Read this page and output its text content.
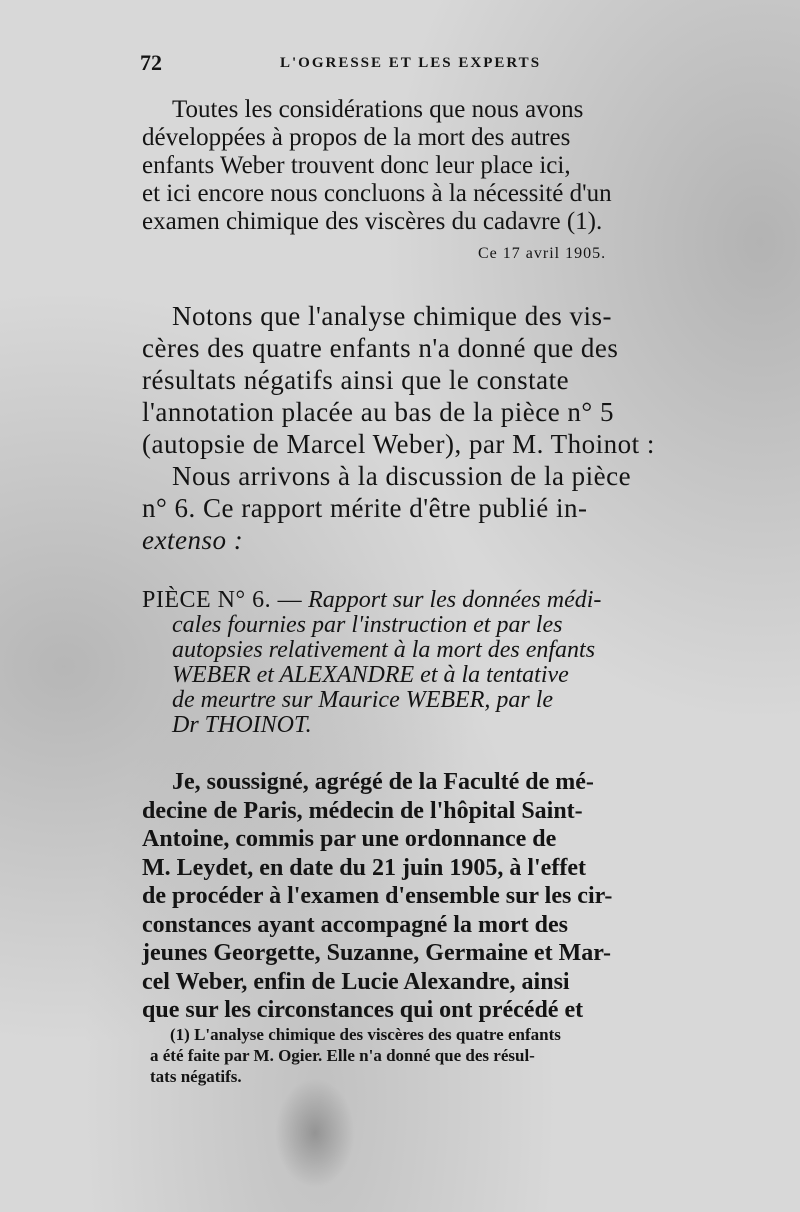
72	L'OGRESSE ET LES EXPERTS
Toutes les considérations que nous avons
développées à propos de la mort des autres
enfants Weber trouvent donc leur place ici,
et ici encore nous concluons à la nécessité d'un
examen chimique des viscères du cadavre (1).
Ce 17 avril 1905.
Notons que l'analyse chimique des vis-
cères des quatre enfants n'a donné que des
résultats négatifs ainsi que le constate
l'annotation placée au bas de la pièce n° 5
(autopsie de Marcel Weber), par M. Thoinot :
Nous arrivons à la discussion de la pièce
n° 6. Ce rapport mérite d'être publié in-
extenso :
PIÈCE N° 6. — Rapport sur les données médi-
cales fournies par l'instruction et par les
autopsies relativement à la mort des enfants
WEBER et ALEXANDRE et à la tentative
de meurtre sur Maurice WEBER, par le
Dr THOINOT.
Je, soussigné, agrégé de la Faculté de mé-
decine de Paris, médecin de l'hôpital Saint-
Antoine, commis par une ordonnance de
M. Leydet, en date du 21 juin 1905, à l'effet
de procéder à l'examen d'ensemble sur les cir-
constances ayant accompagné la mort des
jeunes Georgette, Suzanne, Germaine et Mar-
cel Weber, enfin de Lucie Alexandre, ainsi
que sur les circonstances qui ont précédé et
(1) L'analyse chimique des viscères des quatre enfants
a été faite par M. Ogier. Elle n'a donné que des résul-
tats négatifs.
